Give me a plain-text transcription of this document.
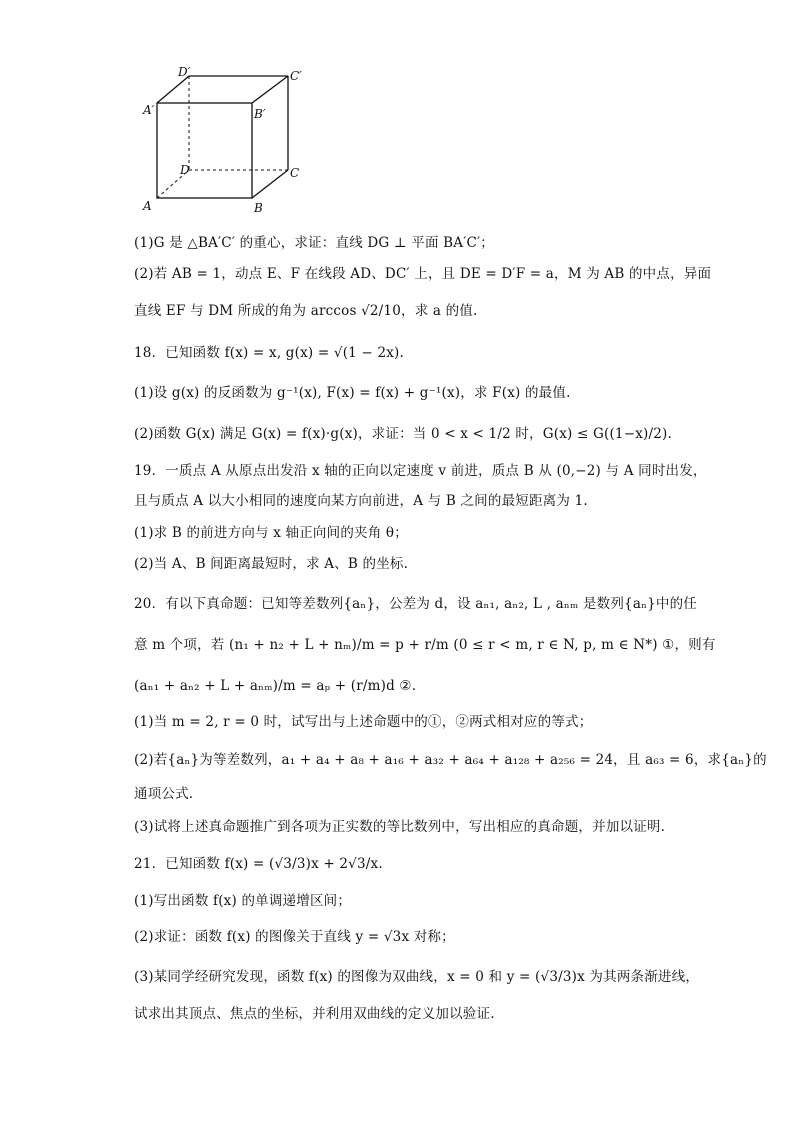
A	B
C
D
A′	B′
C′
D′
(1)G 是 △BA′C′ 的重心，求证：直线 DG ⊥ 平面 BA′C′；
(2)若 AB = 1，动点 E、F 在线段 AD、DC′ 上，且 DE = D′F = a，M 为 AB 的中点，异面
直线 EF 与 DM 所成的角为 arccos √2/10，求 a 的值.
18．已知函数 f(x) = x, g(x) = √(1 − 2x).
(1)设 g(x) 的反函数为 g⁻¹(x), F(x) = f(x) + g⁻¹(x)，求 F(x) 的最值.
(2)函数 G(x) 满足 G(x) = f(x)·g(x)，求证：当 0 < x < 1/2 时，G(x) ≤ G((1−x)/2).
19．一质点 A 从原点出发沿 x 轴的正向以定速度 v 前进，质点 B 从 (0,−2) 与 A 同时出发，
且与质点 A 以大小相同的速度向某方向前进，A 与 B 之间的最短距离为 1.
(1)求 B 的前进方向与 x 轴正向间的夹角 θ；
(2)当 A、B 间距离最短时，求 A、B 的坐标.
20．有以下真命题：已知等差数列{aₙ}，公差为 d，设 aₙ₁, aₙ₂, L , aₙₘ 是数列{aₙ}中的任
意 m 个项，若 (n₁ + n₂ + L + nₘ)/m = p + r/m (0 ≤ r < m, r ∈ N, p, m ∈ N*) ①，则有
(aₙ₁ + aₙ₂ + L + aₙₘ)/m = aₚ + (r/m)d ②.
(1)当 m = 2, r = 0 时，试写出与上述命题中的①，②两式相对应的等式；
(2)若{aₙ}为等差数列，a₁ + a₄ + a₈ + a₁₆ + a₃₂ + a₆₄ + a₁₂₈ + a₂₅₆ = 24，且 a₆₃ = 6，求{aₙ}的
通项公式.
(3)试将上述真命题推广到各项为正实数的等比数列中，写出相应的真命题，并加以证明.
21．已知函数 f(x) = (√3/3)x + 2√3/x.
(1)写出函数 f(x) 的单调递增区间；
(2)求证：函数 f(x) 的图像关于直线 y = √3x 对称；
(3)某同学经研究发现，函数 f(x) 的图像为双曲线，x = 0 和 y = (√3/3)x 为其两条渐进线，
试求出其顶点、焦点的坐标，并利用双曲线的定义加以验证.
